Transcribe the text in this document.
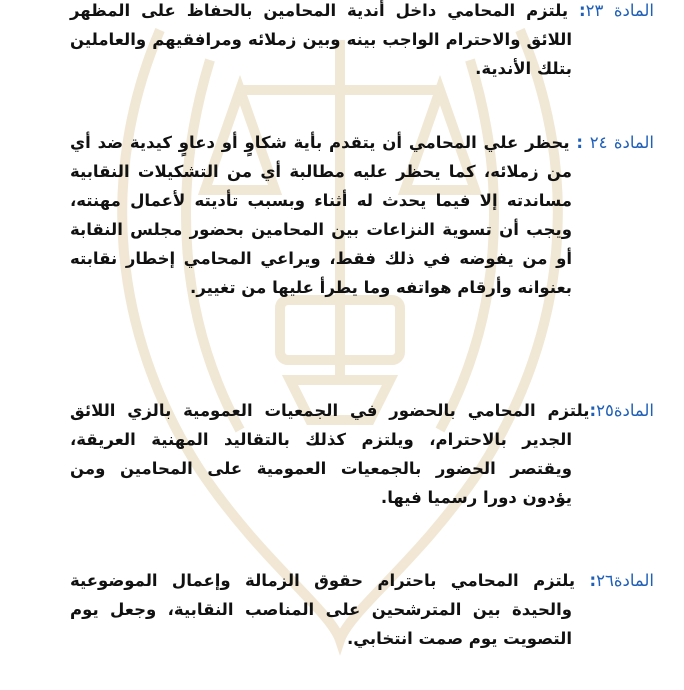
المادة ٢٣: يلتزم المحامي داخل أندية المحامين بالحفاظ على المظهر اللائق والاحترام الواجب بينه وبين زملائه ومرافقيهم والعاملين بتلك الأندية.
المادة ٢٤ : يحظر علي المحامي أن يتقدم بأية شكاوٍ أو دعاوٍ كيدية ضد أي من زملائه، كما يحظر عليه مطالبة أي من التشكيلات النقابية مساندته إلا فيما يحدث له أثناء وبسبب تأديته لأعمال مهنته، ويجب أن تسوية النزاعات بين المحامين بحضور مجلس النقابة أو من يفوضه في ذلك فقط، ويراعي المحامي إخطار نقابته بعنوانه وأرقام هواتفه وما يطرأ عليها من تغيير.
المادة٢٥:يلتزم المحامي بالحضور في الجمعيات العمومية بالزي اللائق الجدير بالاحترام، ويلتزم كذلك بالتقاليد المهنية العريقة، ويقتصر الحضور بالجمعيات العمومية على المحامين ومن يؤدون دورا رسميا فيها.
المادة٢٦: يلتزم المحامي باحترام حقوق الزمالة وإعمال الموضوعية والحيدة بين المترشحين على المناصب النقابية، وجعل يوم التصويت يوم صمت انتخابي.
